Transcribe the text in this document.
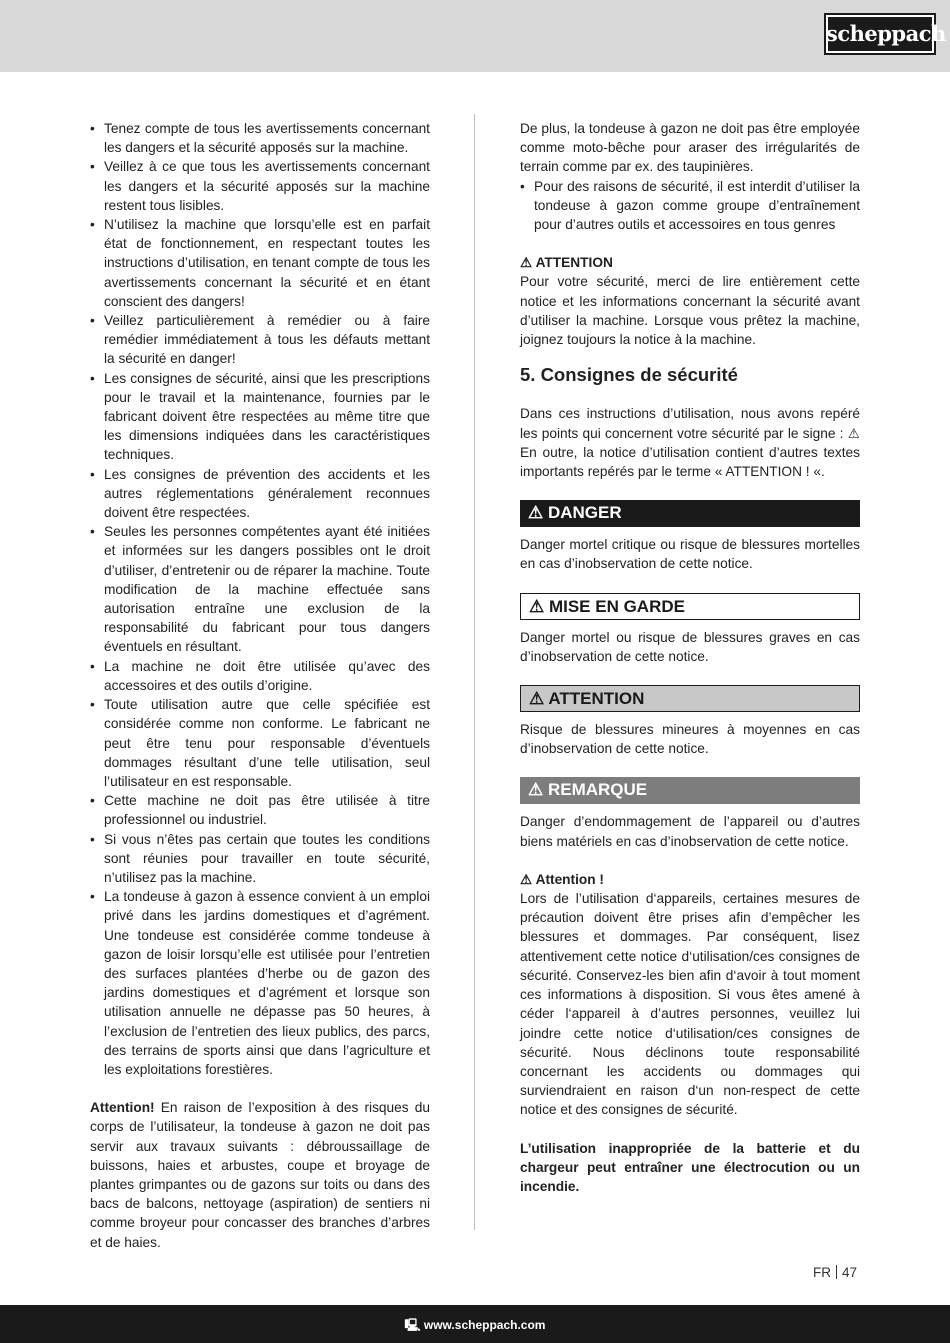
scheppach
• Tenez compte de tous les avertissements concernant les dangers et la sécurité apposés sur la machine.
• Veillez à ce que tous les avertissements concernant les dangers et la sécurité apposés sur la machine restent tous lisibles.
• N’utilisez la machine que lorsqu’elle est en parfait état de fonctionnement, en respectant toutes les instructions d’utilisation, en tenant compte de tous les avertissements concernant la sécurité et en étant conscient des dangers!
• Veillez particulièrement à remédier ou à faire remédier immédiatement à tous les défauts mettant la sécurité en danger!
• Les consignes de sécurité, ainsi que les prescriptions pour le travail et la maintenance, fournies par le fabricant doivent être respectées au même titre que les dimensions indiquées dans les caractéristiques techniques.
• Les consignes de prévention des accidents et les autres réglementations généralement reconnues doivent être respectées.
• Seules les personnes compétentes ayant été initiées et informées sur les dangers possibles ont le droit d’utiliser, d’entretenir ou de réparer la machine. Toute modification de la machine effectuée sans autorisation entraîne une exclusion de la responsabilité du fabricant pour tous dangers éventuels en résultant.
• La machine ne doit être utilisée qu’avec des accessoires et des outils d’origine.
• Toute utilisation autre que celle spécifiée est considérée comme non conforme. Le fabricant ne peut être tenu pour responsable d’éventuels dommages résultant d’une telle utilisation, seul l’utilisateur en est responsable.
• Cette machine ne doit pas être utilisée à titre professionnel ou industriel.
• Si vous n’êtes pas certain que toutes les conditions sont réunies pour travailler en toute sécurité, n’utilisez pas la machine.
• La tondeuse à gazon à essence convient à un emploi privé dans les jardins domestiques et d’agrément. Une tondeuse est considérée comme tondeuse à gazon de loisir lorsqu’elle est utilisée pour l’entretien des surfaces plantées d’herbe ou de gazon des jardins domestiques et d’agrément et lorsque son utilisation annuelle ne dépasse pas 50 heures, à l’exclusion de l’entretien des lieux publics, des parcs, des terrains de sports ainsi que dans l’agriculture et les exploitations forestières.

Attention! En raison de l’exposition à des risques du corps de l’utilisateur, la tondeuse à gazon ne doit pas servir aux travaux suivants : débroussaillage de buissons, haies et arbustes, coupe et broyage de plantes grimpantes ou de gazons sur toits ou dans des bacs de balcons, nettoyage (aspiration) de sentiers ni comme broyeur pour concasser des branches d’arbres et de haies.

De plus, la tondeuse à gazon ne doit pas être employée comme moto-bêche pour araser des irrégularités de terrain comme par ex. des taupinières.

• Pour des raisons de sécurité, il est interdit d’utiliser la tondeuse à gazon comme groupe d’entraînement pour d’autres outils et accessoires en tous genres

⚠ ATTENTION

Pour votre sécurité, merci de lire entièrement cette notice et les informations concernant la sécurité avant d’utiliser la machine. Lorsque vous prêtez la machine, joignez toujours la notice à la machine.

5. Consignes de sécurité

Dans ces instructions d’utilisation, nous avons repéré les points qui concernent votre sécurité par le signe : ⚠ En outre, la notice d’utilisation contient d’autres textes importants repérés par le terme « ATTENTION ! «.

⚠ DANGER

Danger mortel critique ou risque de blessures mortelles en cas d’inobservation de cette notice.

⚠ MISE EN GARDE

Danger mortel ou risque de blessures graves en cas d’inobservation de cette notice.

⚠ ATTENTION

Risque de blessures mineures à moyennes en cas d’inobservation de cette notice.

⚠ REMARQUE

Danger d’endommagement de l’appareil ou d’autres biens matériels en cas d’inobservation de cette notice.

⚠ Attention !

Lors de l’utilisation d‘appareils, certaines mesures de précaution doivent être prises afin d’empêcher les blessures et dommages. Par conséquent, lisez attentivement cette notice d‘utilisation/ces consignes de sécurité. Conservez-les bien afin d‘avoir à tout moment ces informations à disposition. Si vous êtes amené à céder l‘appareil à d’autres personnes, veuillez lui joindre cette notice d‘utilisation/ces consignes de sécurité. Nous déclinons toute responsabilité concernant les accidents ou dommages qui surviendraient en raison d‘un non-respect de cette notice et des consignes de sécurité.

L’utilisation inappropriée de la batterie et du chargeur peut entraîner une électrocution ou un incendie.

FR 47
🖳 www.scheppach.com
